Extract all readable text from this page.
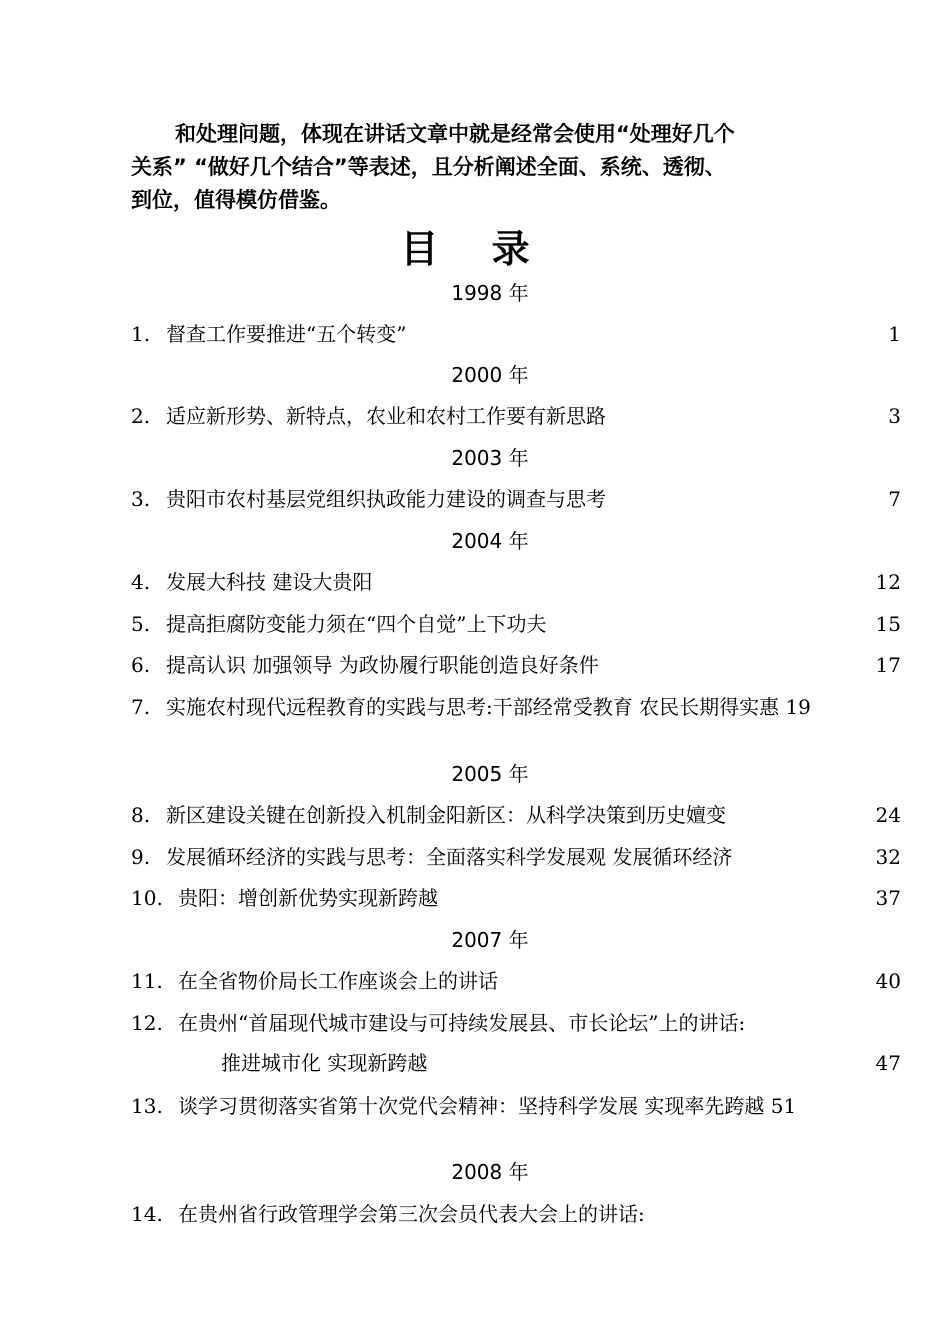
和处理问题，体现在讲话文章中就是经常会使用“处理好几个
关系” “做好几个结合”等表述，且分析阐述全面、系统、透彻、
到位，值得模仿借鉴。
目 录
1998 年
1. 督查工作要推进“五个转变”	1
2000 年
2. 适应新形势、新特点，农业和农村工作要有新思路	3
2003 年
3. 贵阳市农村基层党组织执政能力建设的调查与思考	7
2004 年
4. 发展大科技 建设大贵阳	12
5. 提高拒腐防变能力须在“四个自觉”上下功夫	15
6. 提高认识 加强领导 为政协履行职能创造良好条件	17
7. 实施农村现代远程教育的实践与思考:干部经常受教育 农民长期得实惠 19
2005 年
8. 新区建设关键在创新投入机制金阳新区：从科学决策到历史嬗变	24
9. 发展循环经济的实践与思考：全面落实科学发展观 发展循环经济	32
10. 贵阳：增创新优势实现新跨越	37
2007 年
11. 在全省物价局长工作座谈会上的讲话	40
12. 在贵州“首届现代城市建设与可持续发展县、市长论坛”上的讲话:
推进城市化 实现新跨越	47
13. 谈学习贯彻落实省第十次党代会精神：坚持科学发展 实现率先跨越 51
2008 年
14. 在贵州省行政管理学会第三次会员代表大会上的讲话:
